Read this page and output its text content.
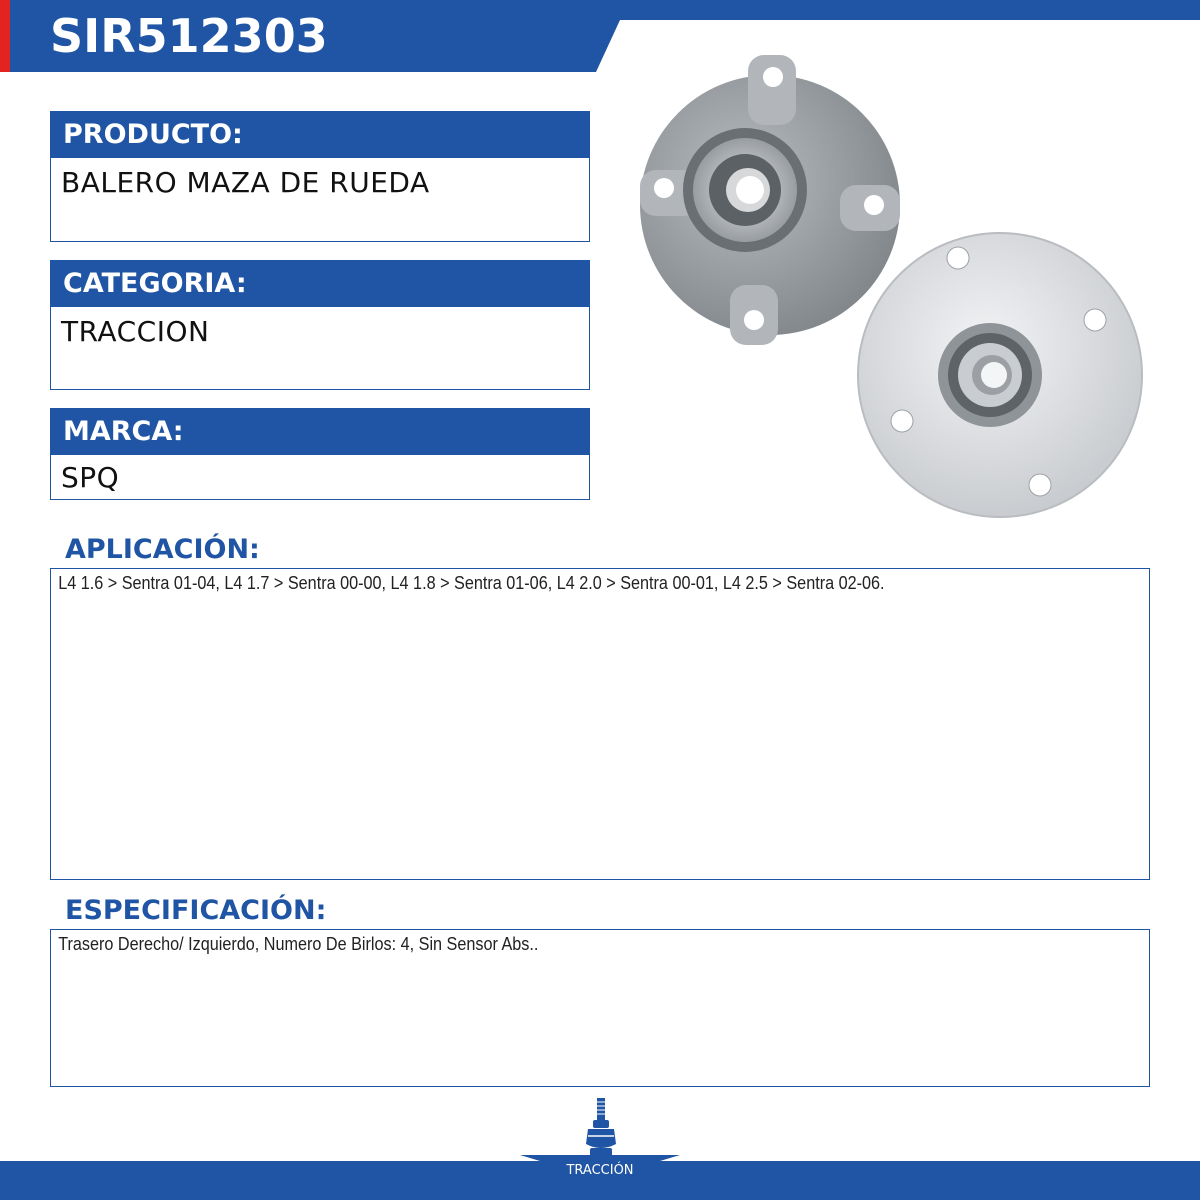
SIR512303
PRODUCTO:
BALERO MAZA DE RUEDA
CATEGORIA:
TRACCION
MARCA:
SPQ
APLICACIÓN:
L4 1.6 > Sentra 01-04, L4 1.7 > Sentra 00-00, L4 1.8 > Sentra 01-06, L4 2.0 > Sentra 00-01, L4 2.5 > Sentra 02-06.
ESPECIFICACIÓN:
Trasero Derecho/ Izquierdo, Numero De Birlos: 4, Sin Sensor Abs..
TRACCIÓN
